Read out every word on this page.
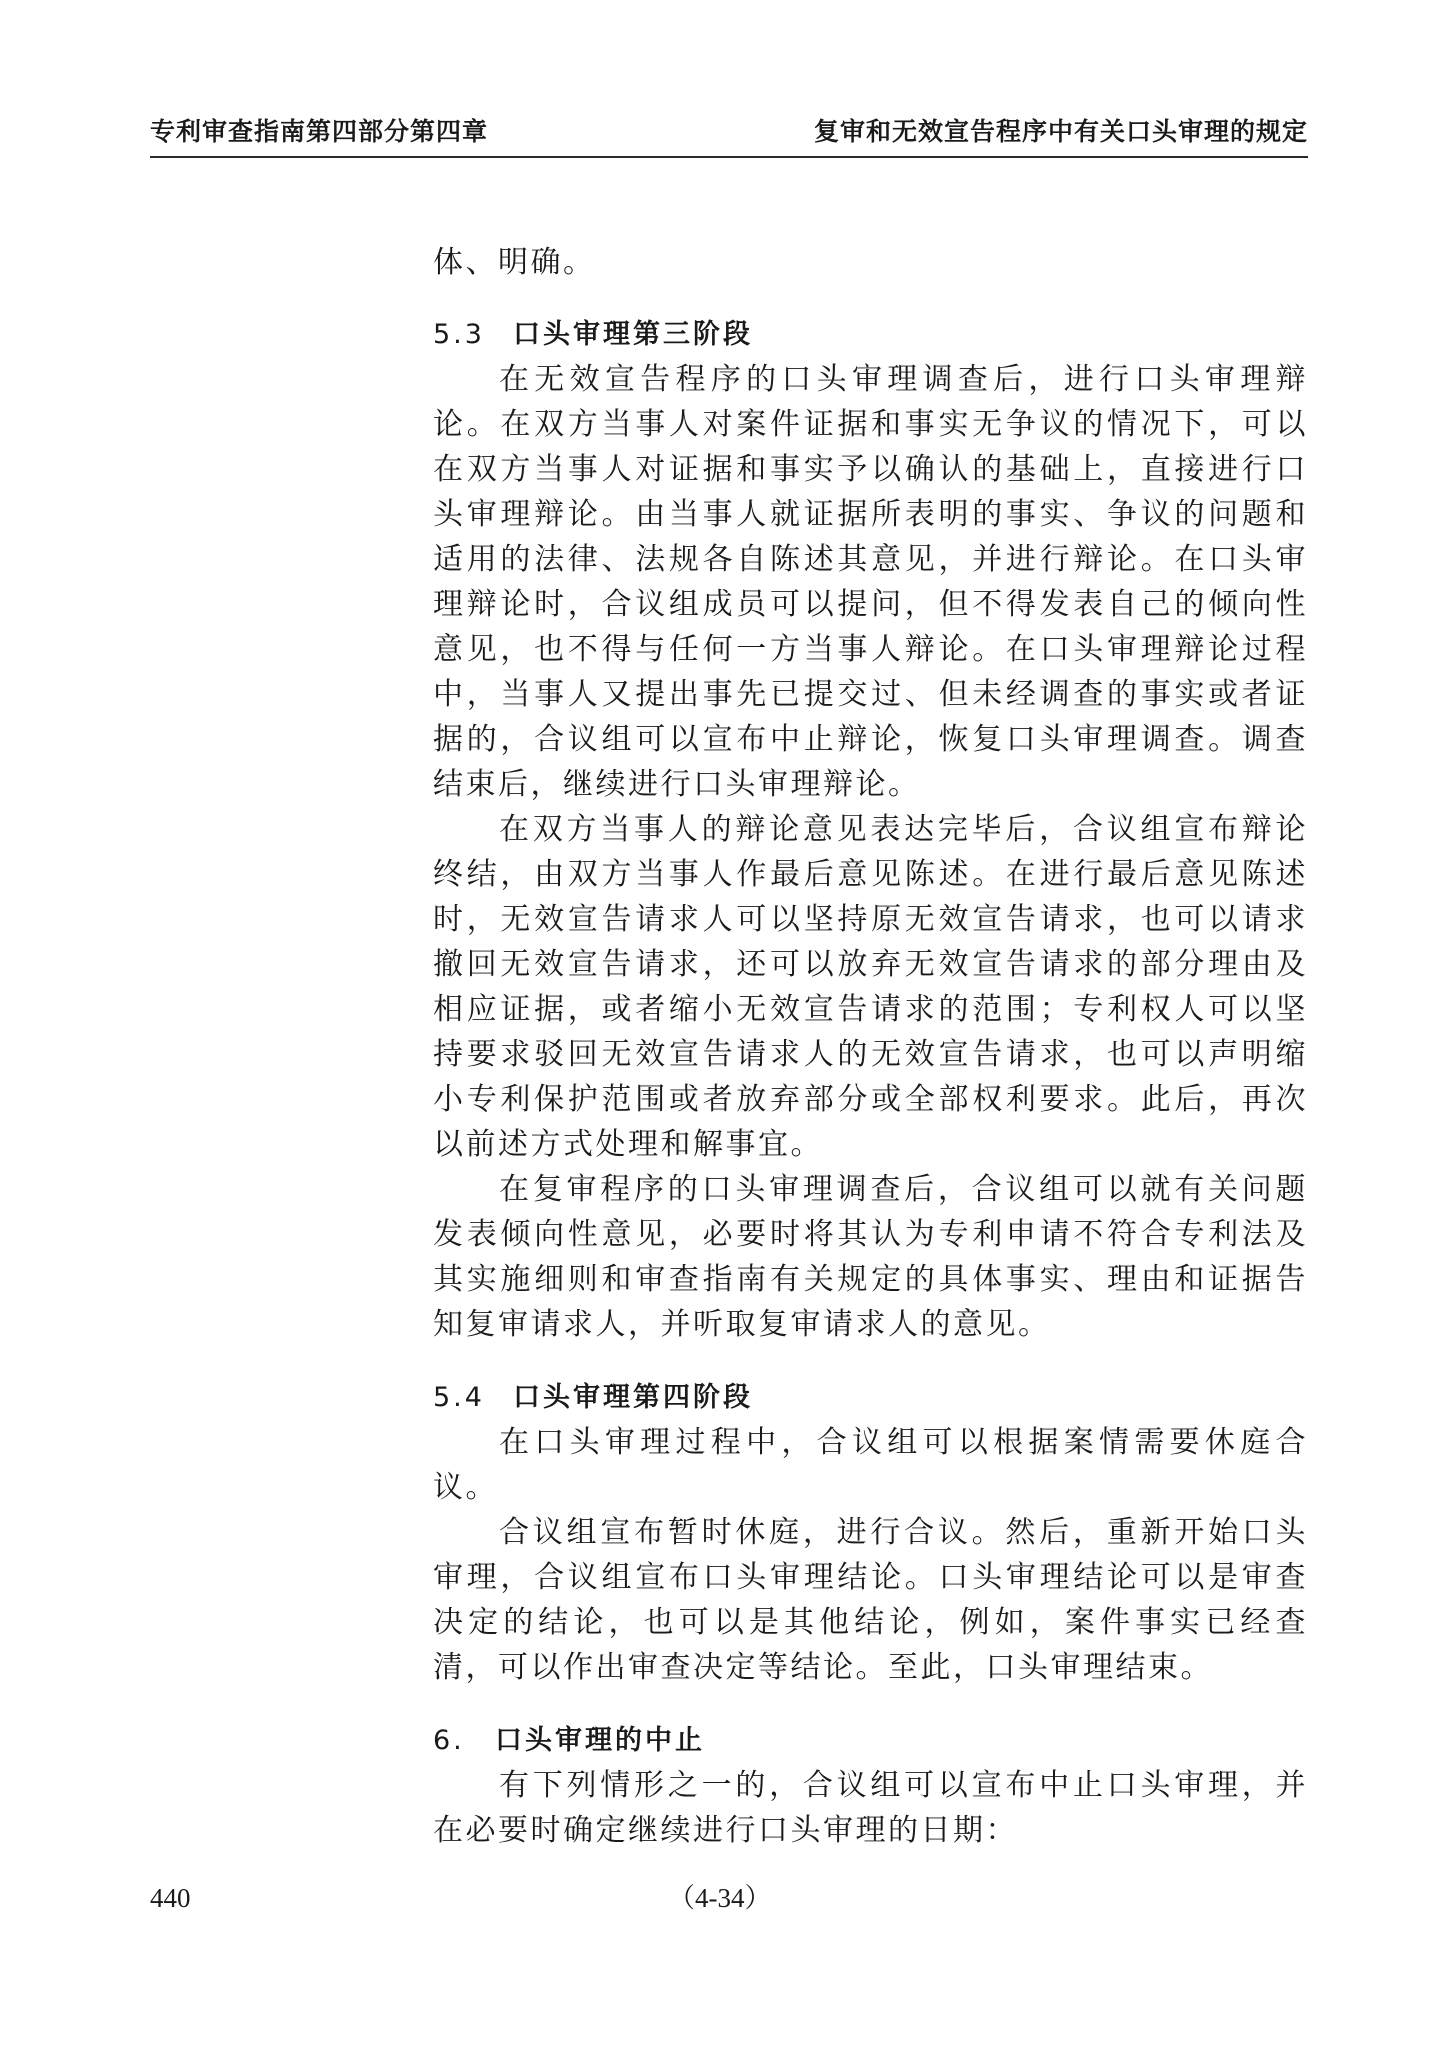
专利审查指南第四部分第四章	复审和无效宣告程序中有关口头审理的规定

体、明确。

5.3 口头审理第三阶段

在无效宣告程序的口头审理调查后，进行口头审理辩论。在双方当事人对案件证据和事实无争议的情况下，可以在双方当事人对证据和事实予以确认的基础上，直接进行口头审理辩论。由当事人就证据所表明的事实、争议的问题和适用的法律、法规各自陈述其意见，并进行辩论。在口头审理辩论时，合议组成员可以提问，但不得发表自己的倾向性意见，也不得与任何一方当事人辩论。在口头审理辩论过程中，当事人又提出事先已提交过、但未经调查的事实或者证据的，合议组可以宣布中止辩论，恢复口头审理调查。调查结束后，继续进行口头审理辩论。

在双方当事人的辩论意见表达完毕后，合议组宣布辩论终结，由双方当事人作最后意见陈述。在进行最后意见陈述时，无效宣告请求人可以坚持原无效宣告请求，也可以请求撤回无效宣告请求，还可以放弃无效宣告请求的部分理由及相应证据，或者缩小无效宣告请求的范围；专利权人可以坚持要求驳回无效宣告请求人的无效宣告请求，也可以声明缩小专利保护范围或者放弃部分或全部权利要求。此后，再次以前述方式处理和解事宜。

在复审程序的口头审理调查后，合议组可以就有关问题发表倾向性意见，必要时将其认为专利申请不符合专利法及其实施细则和审查指南有关规定的具体事实、理由和证据告知复审请求人，并听取复审请求人的意见。

5.4 口头审理第四阶段

在口头审理过程中，合议组可以根据案情需要休庭合议。

合议组宣布暂时休庭，进行合议。然后，重新开始口头审理，合议组宣布口头审理结论。口头审理结论可以是审查决定的结论，也可以是其他结论，例如，案件事实已经查清，可以作出审查决定等结论。至此，口头审理结束。

6. 口头审理的中止

有下列情形之一的，合议组可以宣布中止口头审理，并在必要时确定继续进行口头审理的日期：

440	（4-34）
